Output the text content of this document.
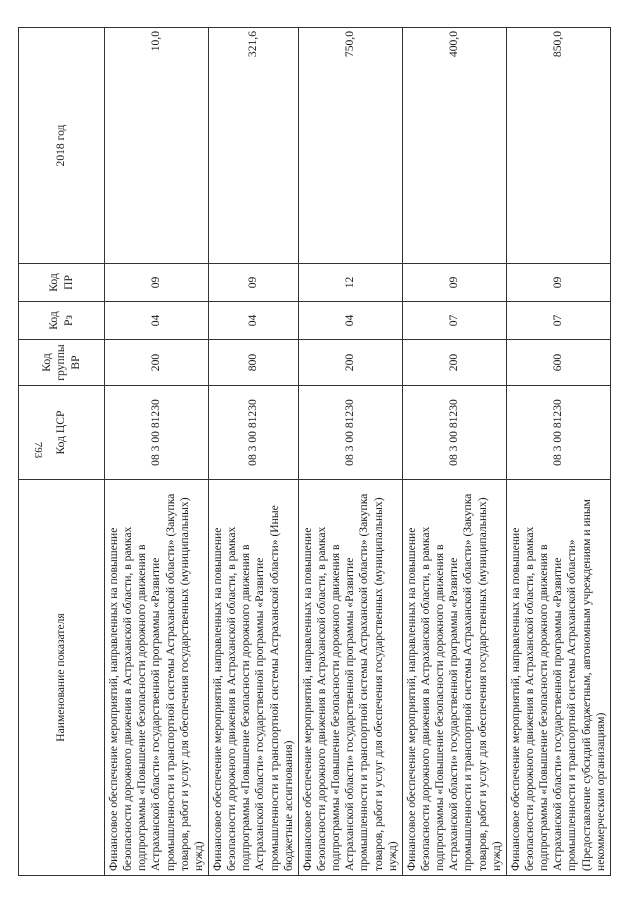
793
Наименование показателя	Код ЦСР	Код группы ВР	Код Рз	Код ПР	2018 год
Финансовое обеспечение мероприятий, направленных на повышение безопасности дорожного движения в Астраханской области, в рамках подпрограммы «Повышение безопасности дорожного движения в Астраханской области» государственной программы «Развитие промышленности и транспортной системы Астраханской области» (Закупка товаров, работ и услуг для обеспечения государственных (муниципальных) нужд)	08 3 00 81230	200	04	09	10,0
Финансовое обеспечение мероприятий, направленных на повышение безопасности дорожного движения в Астраханской области, в рамках подпрограммы «Повышение безопасности дорожного движения в Астраханской области» государственной программы «Развитие промышленности и транспортной системы Астраханской области» (Иные бюджетные ассигнования)	08 3 00 81230	800	04	09	321,6
Финансовое обеспечение мероприятий, направленных на повышение безопасности дорожного движения в Астраханской области, в рамках подпрограммы «Повышение безопасности дорожного движения в Астраханской области» государственной программы «Развитие промышленности и транспортной системы Астраханской области» (Закупка товаров, работ и услуг для обеспечения государственных (муниципальных) нужд)	08 3 00 81230	200	04	12	750,0
Финансовое обеспечение мероприятий, направленных на повышение безопасности дорожного движения в Астраханской области, в рамках подпрограммы «Повышение безопасности дорожного движения в Астраханской области» государственной программы «Развитие промышленности и транспортной системы Астраханской области» (Закупка товаров, работ и услуг для обеспечения государственных (муниципальных) нужд)	08 3 00 81230	200	07	09	400,0
Финансовое обеспечение мероприятий, направленных на повышение безопасности дорожного движения в Астраханской области, в рамках подпрограммы «Повышение безопасности дорожного движения в Астраханской области» государственной программы «Развитие промышленности и транспортной системы Астраханской области» (Предоставление субсидий бюджетным, автономным учреждениям и иным некоммерческим организациям)	08 3 00 81230	600	07	09	850,0
